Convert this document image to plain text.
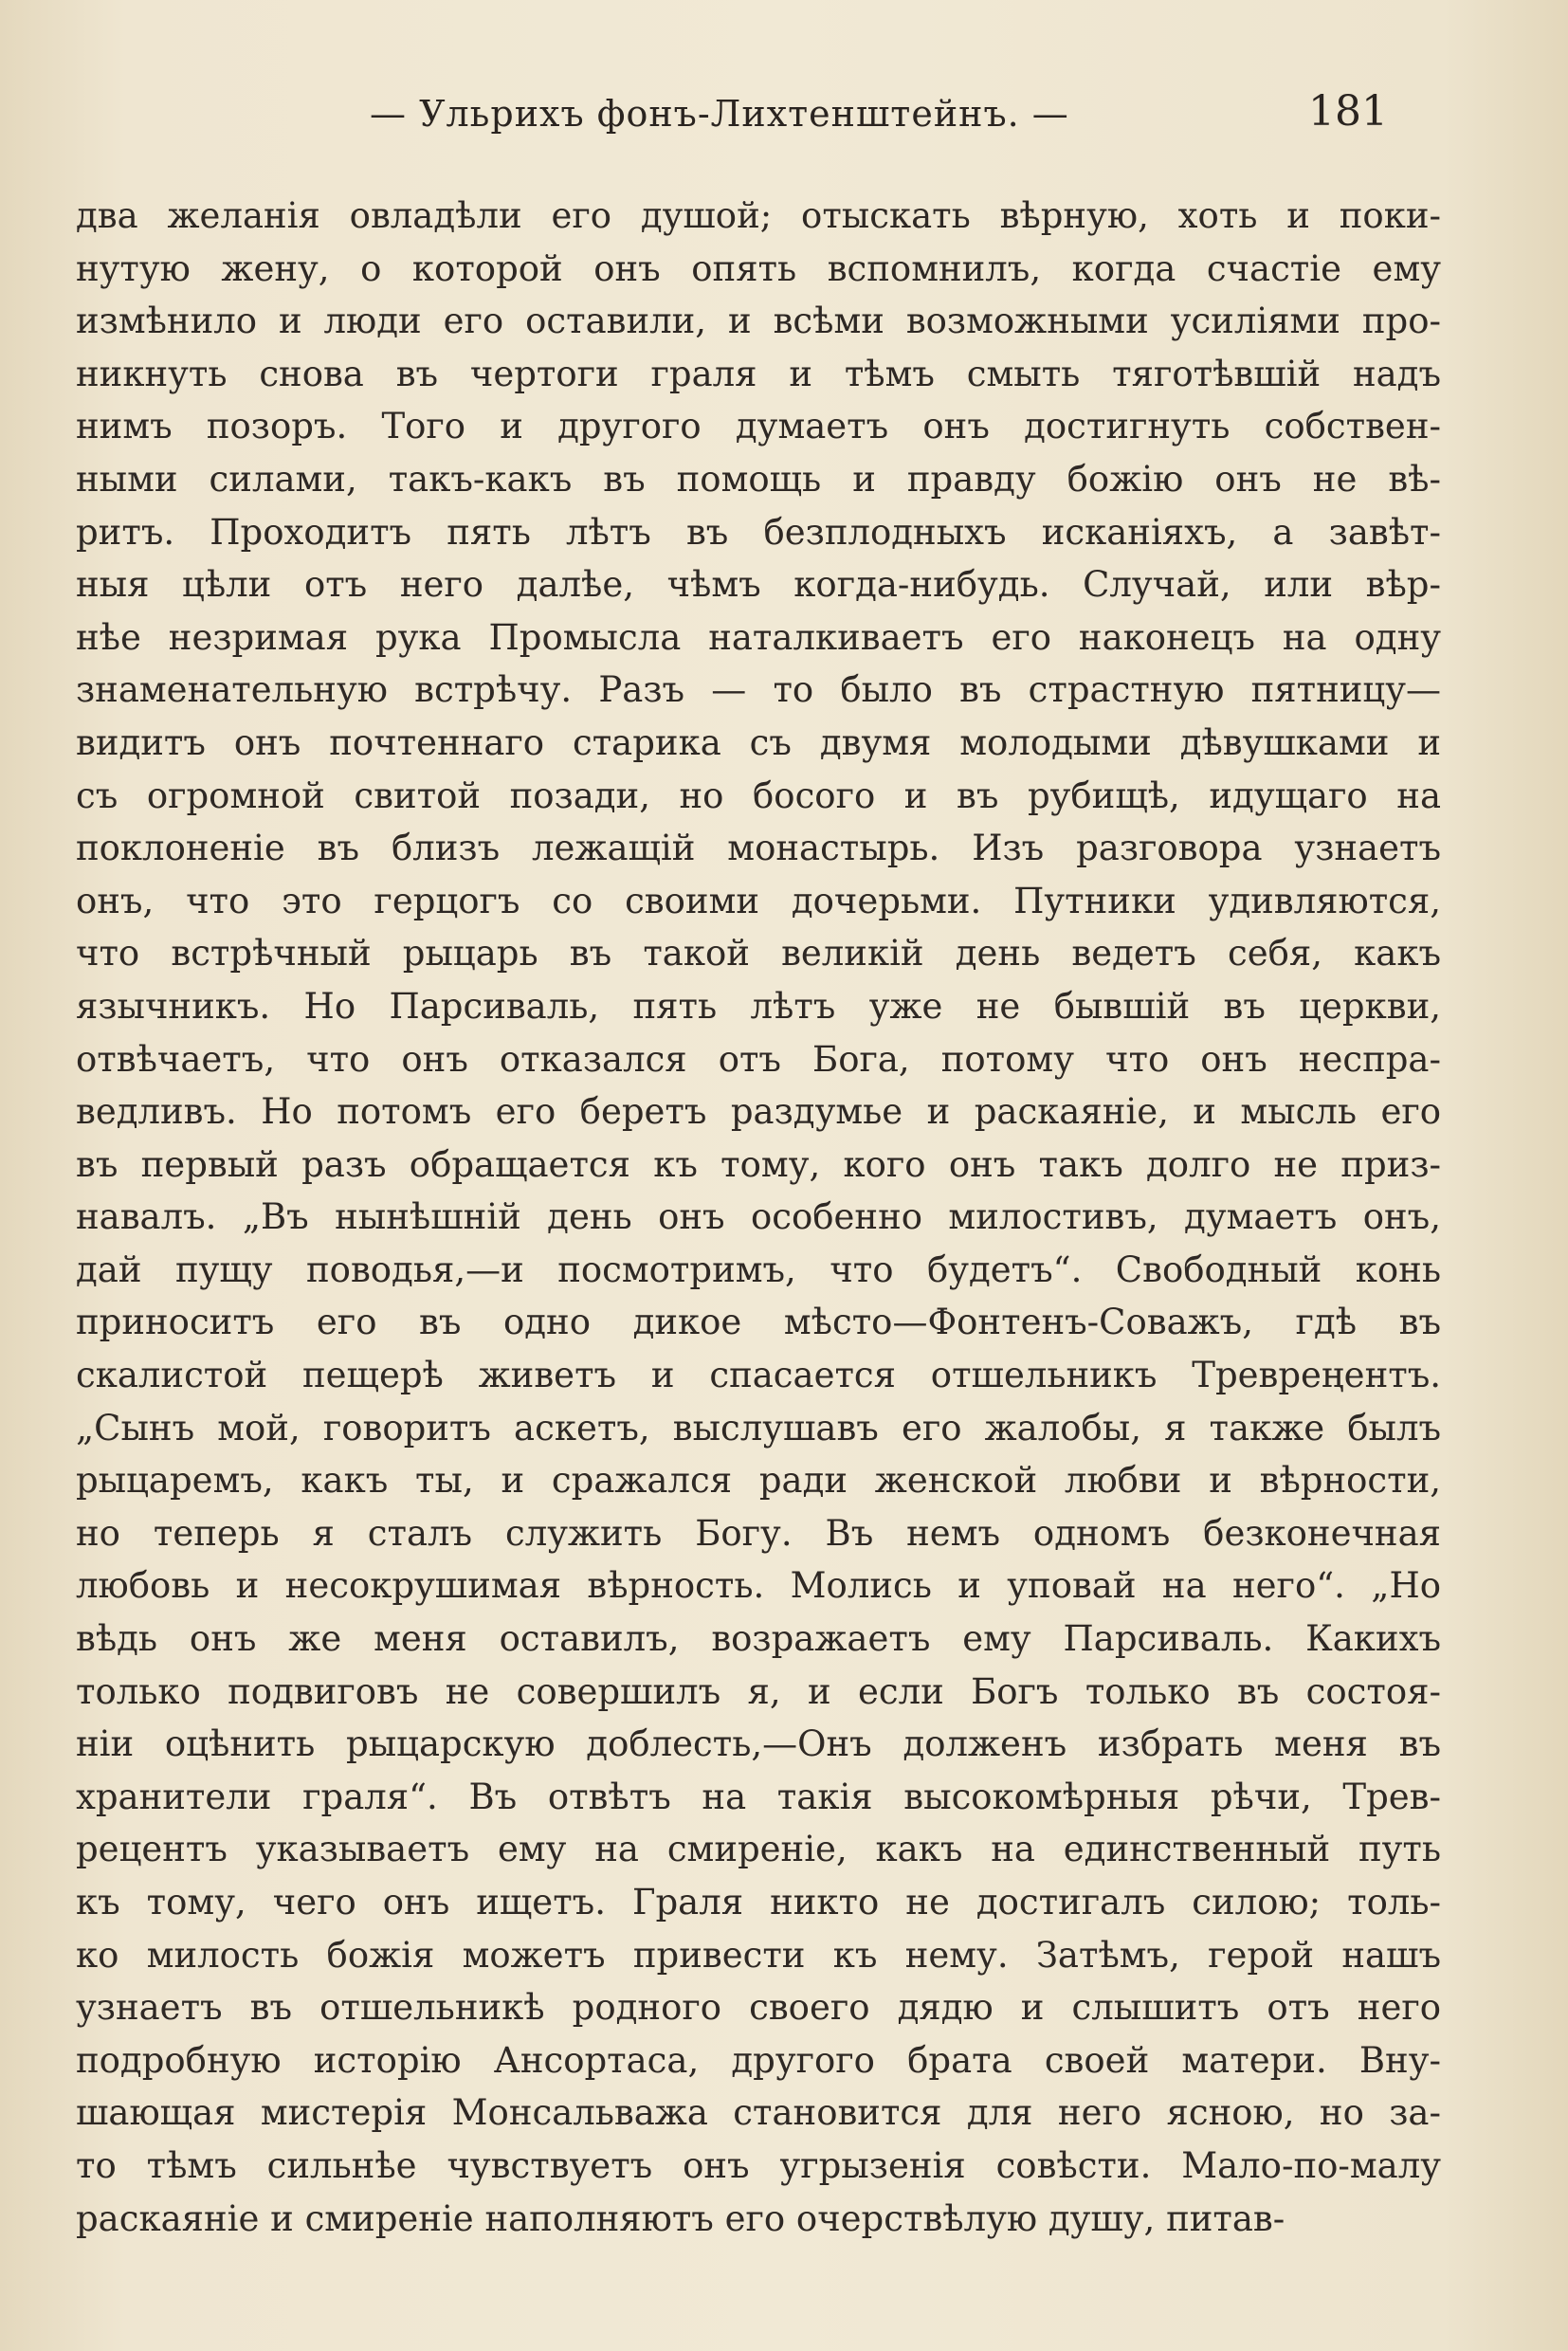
— Ульрихъ фонъ-Лихтенштейнъ. —	181
два желанія овладѣли его душой; отыскать вѣрную, хоть и поки-
нутую жену, о которой онъ опять вспомнилъ, когда счастіе ему
измѣнило и люди его оставили, и всѣми возможными усиліями про-
никнуть снова въ чертоги граля и тѣмъ смыть тяготѣвшій надъ
нимъ позоръ. Того и другого думаетъ онъ достигнуть собствен-
ными силами, такъ-какъ въ помощь и правду божію онъ не вѣ-
ритъ. Проходитъ пять лѣтъ въ безплодныхъ исканіяхъ, а завѣт-
ныя цѣли отъ него далѣе, чѣмъ когда-нибудь. Случай, или вѣр-
нѣе незримая рука Промысла наталкиваетъ его наконецъ на одну
знаменательную встрѣчу. Разъ — то было въ страстную пятницу—
видитъ онъ почтеннаго старика съ двумя молодыми дѣвушками и
съ огромной свитой позади, но босого и въ рубищѣ, идущаго на
поклоненіе въ близъ лежащій монастырь. Изъ разговора узнаетъ
онъ, что это герцогъ со своими дочерьми. Путники удивляются,
что встрѣчный рыцарь въ такой великій день ведетъ себя, какъ
язычникъ. Но Парсиваль, пять лѣтъ уже не бывшій въ церкви,
отвѣчаетъ, что онъ отказался отъ Бога, потому что онъ неспра-
ведливъ. Но потомъ его беретъ раздумье и раскаяніе, и мысль его
въ первый разъ обращается къ тому, кого онъ такъ долго не приз-
навалъ. „Въ нынѣшній день онъ особенно милостивъ, думаетъ онъ,
дай пущу поводья,—и посмотримъ, что будетъ“. Свободный конь
приноситъ его въ одно дикое мѣсто—Фонтенъ-Соважъ, гдѣ въ
скалистой пещерѣ живетъ и спасается отшельникъ Тревреңентъ.
„Сынъ мой, говоритъ аскетъ, выслушавъ его жалобы, я также былъ
рыцаремъ, какъ ты, и сражался ради женской любви и вѣрности,
но теперь я сталъ служить Богу. Въ немъ одномъ безконечная
любовь и несокрушимая вѣрность. Молись и уповай на него“. „Но
вѣдь онъ же меня оставилъ, возражаетъ ему Парсиваль. Какихъ
только подвиговъ не совершилъ я, и если Богъ только въ состоя-
ніи оцѣнить рыцарскую доблесть,—Онъ долженъ избрать меня въ
хранители граля“. Въ отвѣтъ на такія высокомѣрныя рѣчи, Трев-
рецентъ указываетъ ему на смиреніе, какъ на единственный путь
къ тому, чего онъ ищетъ. Граля никто не достигалъ силою; толь-
ко милость божія можетъ привести къ нему. Затѣмъ, герой нашъ
узнаетъ въ отшельникѣ родного своего дядю и слышитъ отъ него
подробную исторію Ансортаса, другого брата своей матери. Вну-
шающая мистерія Монсальважа становится для него ясною, но за-
то тѣмъ сильнѣе чувствуетъ онъ угрызенія совѣсти. Мало-по-малу
раскаяніе и смиреніе наполняютъ его очерствѣлую душу, питав-
